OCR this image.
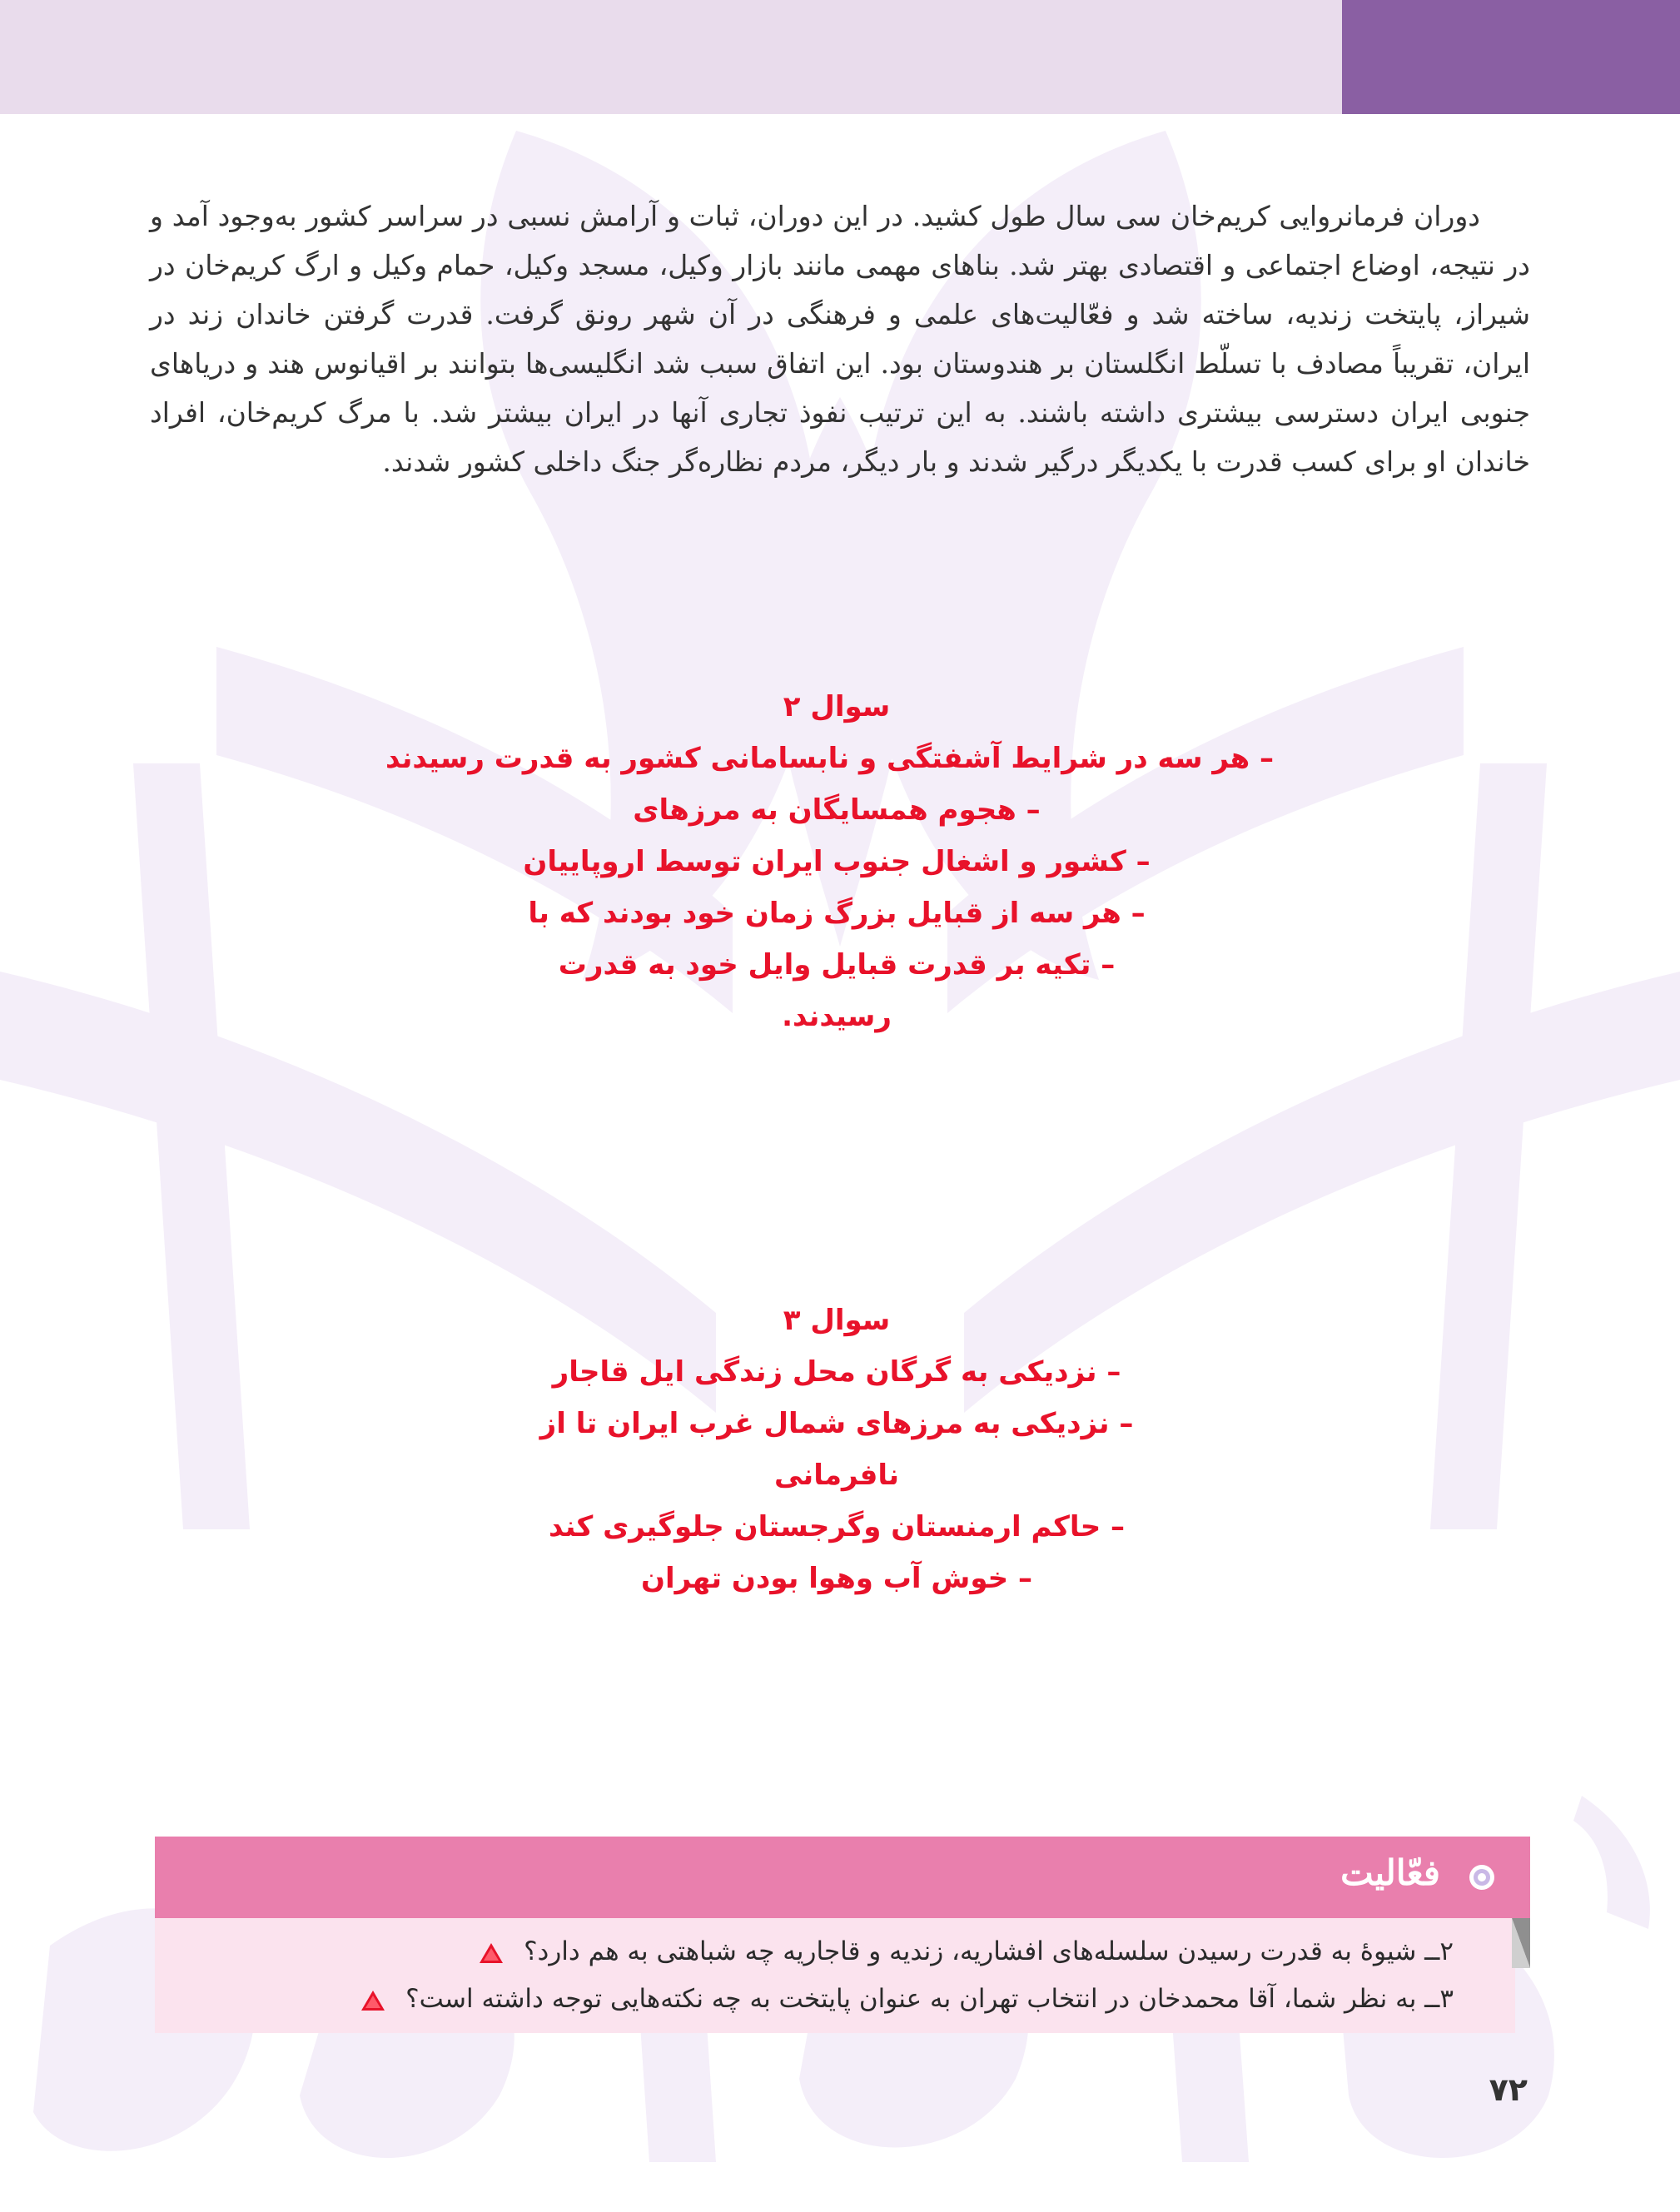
دوران فرمانروایی کریم‌خان سی سال طول کشید. در این دوران، ثبات و آرامش نسبی در سراسر کشور به‌وجود آمد و در نتیجه، اوضاع اجتماعی و اقتصادی بهتر شد. بناهای مهمی مانند بازار وکیل، مسجد وکیل، حمام وکیل و ارگ کریم‌خان در شیراز، پایتخت زندیه، ساخته شد و فعّالیت‌های علمی و فرهنگی در آن شهر رونق گرفت. قدرت گرفتن خاندان زند در ایران، تقریباً مصادف با تسلّط انگلستان بر هندوستان بود. این اتفاق سبب شد انگلیسی‌ها بتوانند بر اقیانوس هند و دریاهای جنوبی ایران دسترسی بیشتری داشته باشند. به این ترتیب نفوذ تجاری آنها در ایران بیشتر شد. با مرگ کریم‌خان، افراد خاندان او برای کسب قدرت با یکدیگر درگیر شدند و بار دیگر، مردم نظاره‌گر جنگ داخلی کشور شدند.

سوال ۲
– هر سه در شرایط آشفتگی و نابسامانی کشور به قدرت رسیدند
– هجوم همسایگان به مرزهای
– کشور و اشغال جنوب ایران توسط اروپاییان
– هر سه از قبایل بزرگ زمان خود بودند که با
– تکیه بر قدرت قبایل وایل خود به قدرت
رسیدند.
سوال ۳
– نزدیکی به گرگان محل زندگی ایل قاجار
– نزدیکی به مرزهای شمال غرب ایران تا از
نافرمانی
– حاکم ارمنستان وگرجستان جلوگیری کند
– خوش آب وهوا بودن تهران
فعّالیت
۲ــ شیوهٔ به قدرت رسیدن سلسله‌های افشاریه، زندیه و قاجاریه چه شباهتی به هم دارد؟
۳ــ به نظر شما، آقا محمدخان در انتخاب تهران به عنوان پایتخت به چه نکته‌هایی توجه داشته است؟
۷۲
